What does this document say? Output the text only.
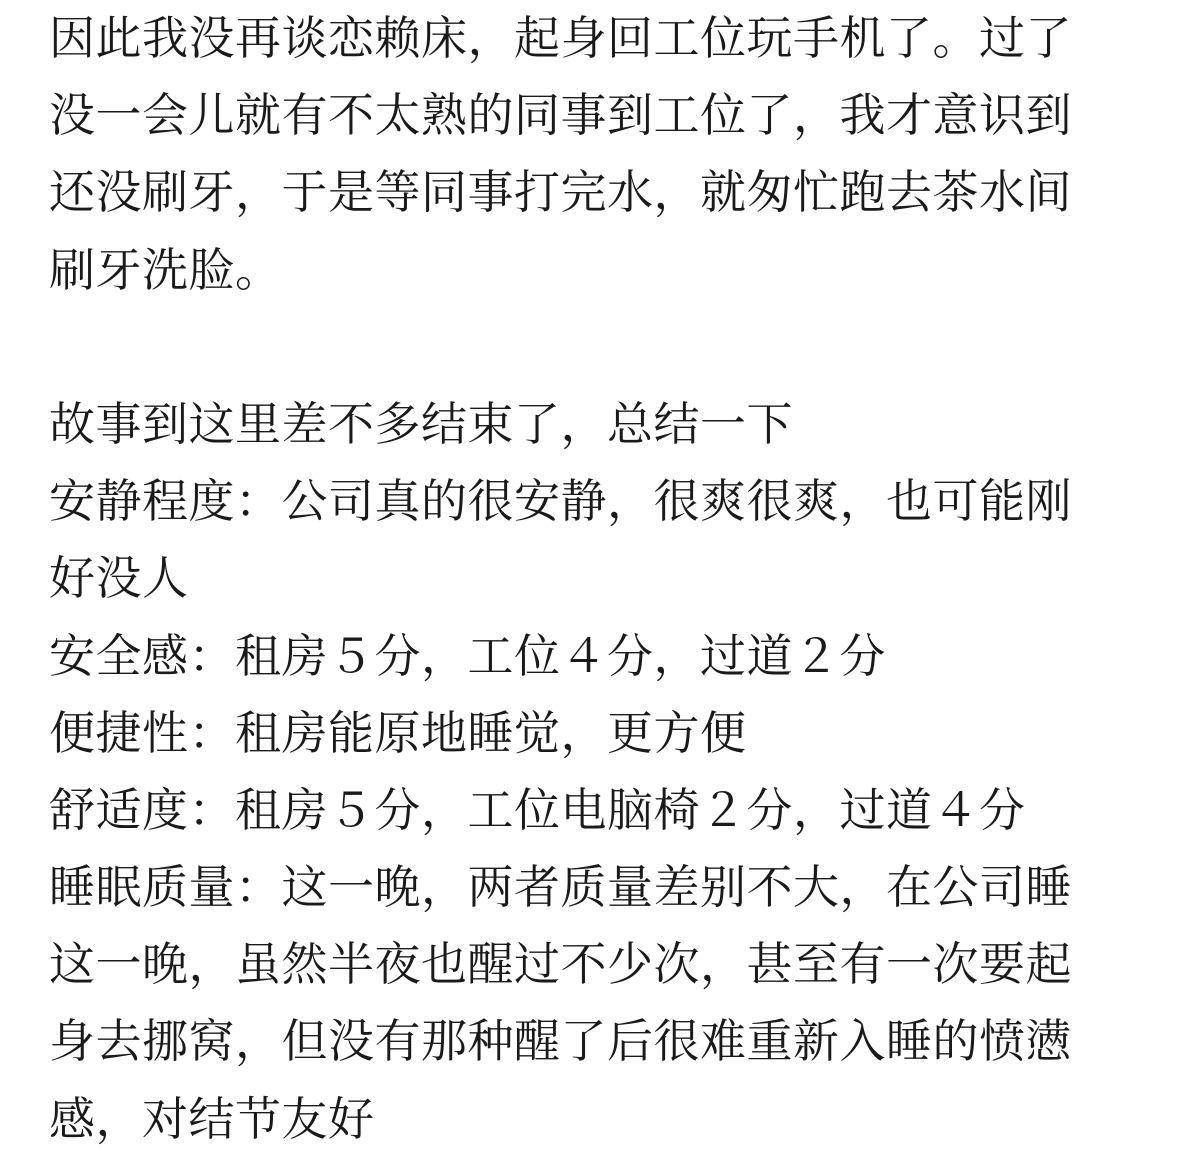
因此我没再谈恋赖床，起身回工位玩手机了。过了
没一会儿就有不太熟的同事到工位了，我才意识到
还没刷牙，于是等同事打完水，就匆忙跑去茶水间
刷牙洗脸。

故事到这里差不多结束了，总结一下
安静程度：公司真的很安静，很爽很爽，也可能刚
好没人
安全感：租房５分，工位４分，过道２分
便捷性：租房能原地睡觉，更方便
舒适度：租房５分，工位电脑椅２分，过道４分
睡眠质量：这一晚，两者质量差别不大，在公司睡
这一晚，虽然半夜也醒过不少次，甚至有一次要起
身去挪窝，但没有那种醒了后很难重新入睡的愤懑
感，对结节友好
